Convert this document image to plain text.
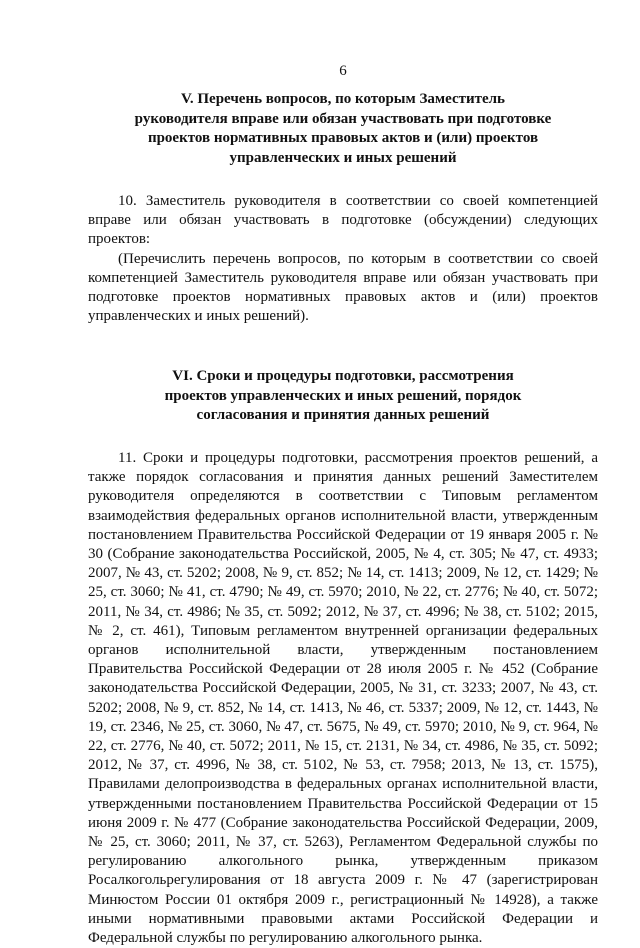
6
V. Перечень вопросов, по которым Заместитель
руководителя вправе или обязан участвовать при подготовке
проектов нормативных правовых актов и (или) проектов
управленческих и иных решений

10. Заместитель руководителя в соответствии со своей компетенцией вправе или обязан участвовать в подготовке (обсуждении) следующих проектов:

(Перечислить перечень вопросов, по которым в соответствии со своей компетенцией Заместитель руководителя вправе или обязан участвовать при подготовке проектов нормативных правовых актов и (или) проектов управленческих и иных решений).

VI. Сроки и процедуры подготовки, рассмотрения
проектов управленческих и иных решений, порядок
согласования и принятия данных решений

11. Сроки и процедуры подготовки, рассмотрения проектов решений, а также порядок согласования и принятия данных решений Заместителем руководителя определяются в соответствии с Типовым регламентом взаимодействия федеральных органов исполнительной власти, утвержденным постановлением Правительства Российской Федерации от 19 января 2005 г. № 30 (Собрание законодательства Российской, 2005, № 4, ст. 305; № 47, ст. 4933; 2007, № 43, ст. 5202; 2008, № 9, ст. 852; № 14, ст. 1413; 2009, № 12, ст. 1429; № 25, ст. 3060; № 41, ст. 4790; № 49, ст. 5970; 2010, № 22, ст. 2776; № 40, ст. 5072; 2011, № 34, ст. 4986; № 35, ст. 5092; 2012, № 37, ст. 4996; № 38, ст. 5102; 2015, № 2, ст. 461), Типовым регламентом внутренней организации федеральных органов исполнительной власти, утвержденным постановлением Правительства Российской Федерации от 28 июля 2005 г. № 452 (Собрание законодательства Российской Федерации, 2005, № 31, ст. 3233; 2007, № 43, ст. 5202; 2008, № 9, ст. 852, № 14, ст. 1413, № 46, ст. 5337; 2009, № 12, ст. 1443, № 19, ст. 2346, № 25, ст. 3060, № 47, ст. 5675, № 49, ст. 5970; 2010, № 9, ст. 964, № 22, ст. 2776, № 40, ст. 5072; 2011, № 15, ст. 2131, № 34, ст. 4986, № 35, ст. 5092; 2012, № 37, ст. 4996, № 38, ст. 5102, № 53, ст. 7958; 2013, № 13, ст. 1575), Правилами делопроизводства в федеральных органах исполнительной власти, утвержденными постановлением Правительства Российской Федерации от 15 июня 2009 г. № 477 (Собрание законодательства Российской Федерации, 2009, № 25, ст. 3060; 2011, № 37, ст. 5263), Регламентом Федеральной службы по регулированию алкогольного рынка, утвержденным приказом Росалкогольрегулирования от 18 августа 2009 г. № 47 (зарегистрирован Минюстом России 01 октября 2009 г., регистрационный № 14928), а также иными нормативными правовыми актами Российской Федерации и Федеральной службы по регулированию алкогольного рынка.
